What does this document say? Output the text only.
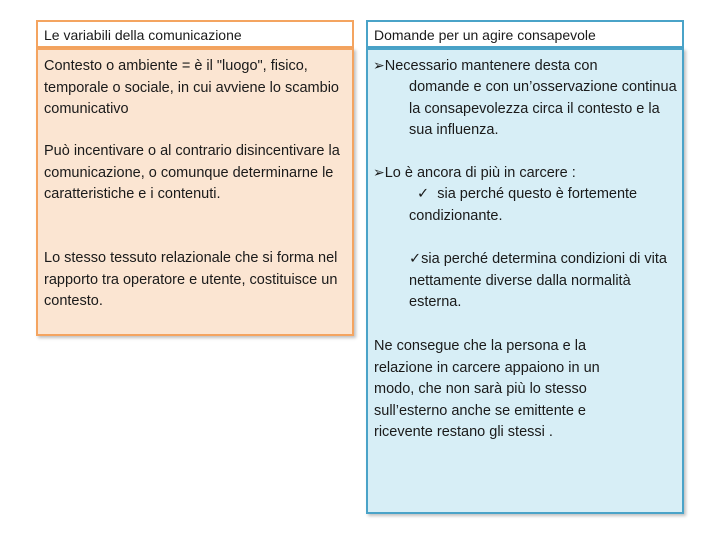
Le variabili della comunicazione

Contesto o ambiente = è il "luogo", fisico, temporale o sociale, in cui avviene lo scambio comunicativo

Può incentivare o al contrario disincentivare la comunicazione, o comunque determinarne le caratteristiche e i contenuti.

Lo stesso tessuto relazionale che si forma nel rapporto tra operatore e utente, costituisce un contesto.

Domande per un agire consapevole

➢Necessario mantenere desta con

domande e con un’osservazione continua la consapevolezza circa il contesto e la sua influenza.

➢Lo è ancora di più in carcere :

✓ sia perché questo è fortemente condizionante.

✓sia perché determina condizioni di vita nettamente diverse dalla normalità esterna.

Ne consegue che la persona e la relazione in carcere appaiono in un modo, che non sarà più lo stesso sull’esterno anche se emittente e ricevente restano gli stessi .
